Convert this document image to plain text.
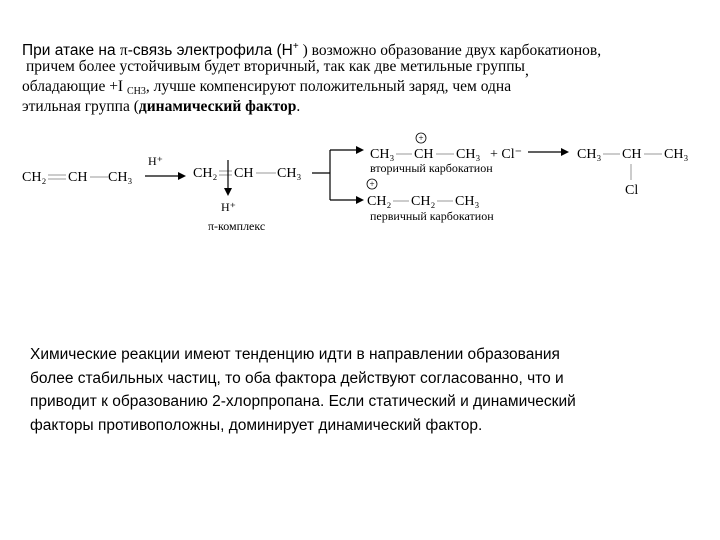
При атаке на π-связь электрофила (Н+ ) возможно образование двух карбокатионов,
причем более устойчивым будет вторичный, так как две метильные группы,
обладающие +I $_{CH3}$, лучше компенсируют положительный заряд, чем одна
этильная группа (динамический фактор.
CH₂ CH CH₃
H⁺
CH₂ CH CH₃
H⁺
π-комплекс
+
CH₃ CH CH₃ + Cl⁻
вторичный карбокатион
+
CH₂ CH₂ CH₃
первичный карбокатион
CH₃ CH CH₃
Cl
Химические реакции имеют тенденцию идти в направлении образования
более стабильных частиц, то оба фактора действуют согласованно, что и
приводит к образованию 2-хлорпропана. Если статический и динамический
факторы противоположны, доминирует динамический фактор.
